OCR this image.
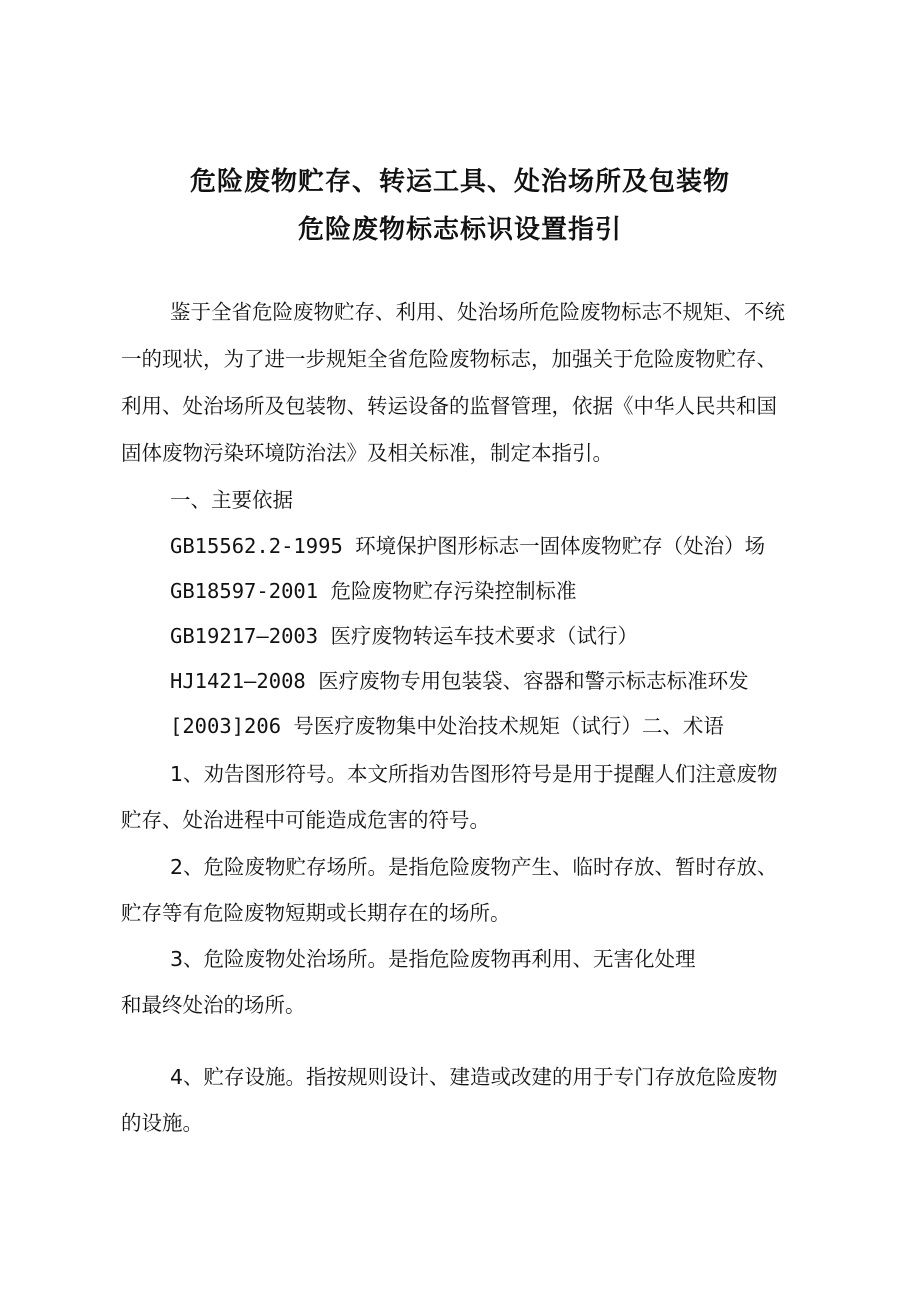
危险废物贮存、转运工具、处治场所及包装物
危险废物标志标识设置指引
鉴于全省危险废物贮存、利用、处治场所危险废物标志不规矩、不统
一的现状，为了进一步规矩全省危险废物标志，加强关于危险废物贮存、
利用、处治场所及包装物、转运设备的监督管理，依据《中华人民共和国
固体废物污染环境防治法》及相关标准，制定本指引。
一、主要依据
GB15562.2-1995 环境保护图形标志一固体废物贮存（处治）场
GB18597-2001 危险废物贮存污染控制标准
GB19217—2003 医疗废物转运车技术要求（试行）
HJ1421—2008 医疗废物专用包装袋、容器和警示标志标准环发
[2003]206 号医疗废物集中处治技术规矩（试行）二、术语
1、劝告图形符号。本文所指劝告图形符号是用于提醒人们注意废物
贮存、处治进程中可能造成危害的符号。
2、危险废物贮存场所。是指危险废物产生、临时存放、暂时存放、
贮存等有危险废物短期或长期存在的场所。
3、危险废物处治场所。是指危险废物再利用、无害化处理
和最终处治的场所。
4、贮存设施。指按规则设计、建造或改建的用于专门存放危险废物
的设施。
